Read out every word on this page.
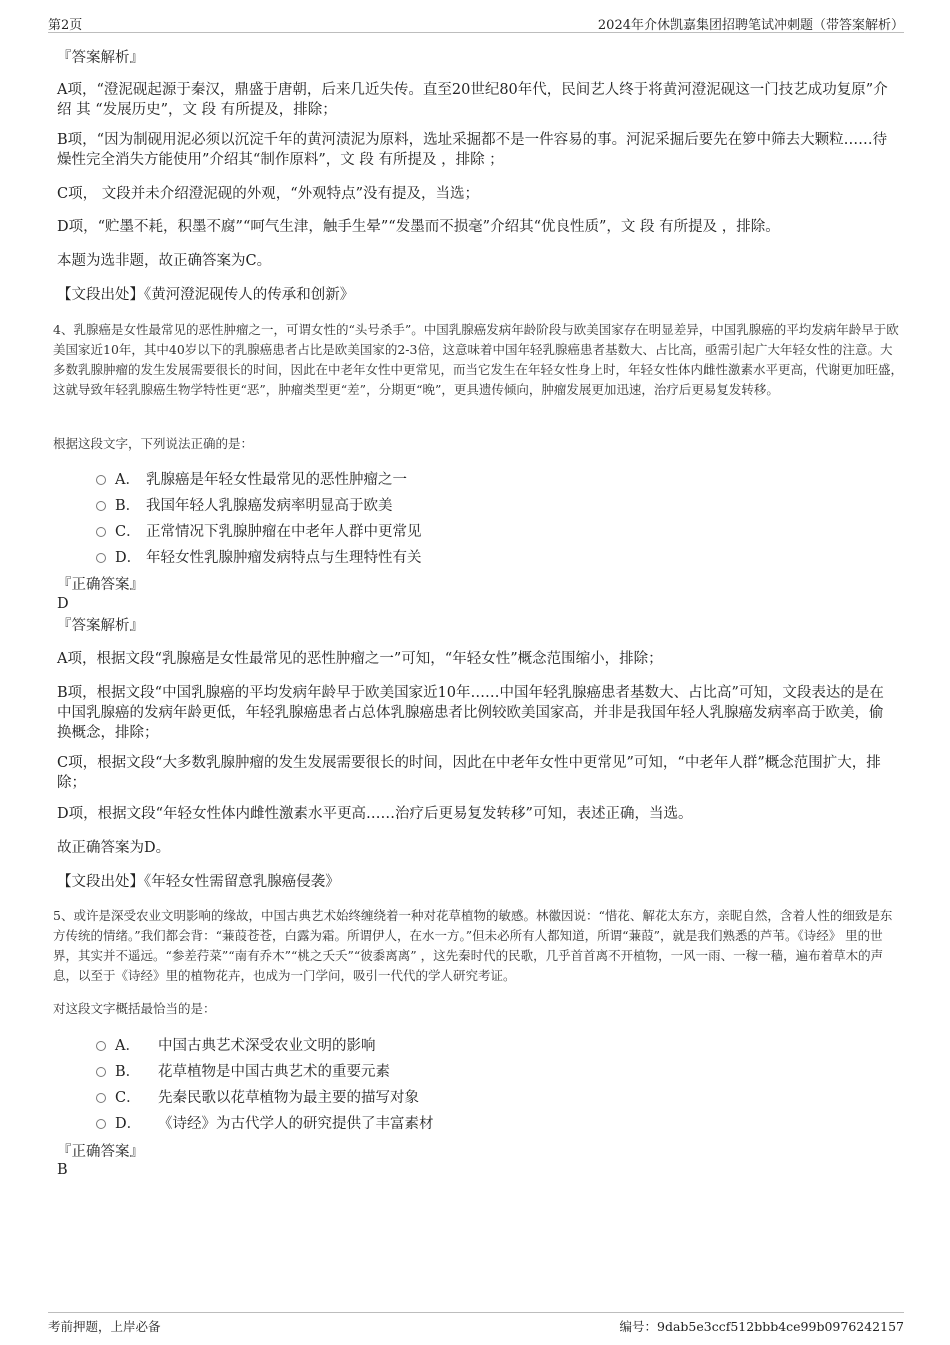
第2页	2024年介休凯嘉集团招聘笔试冲刺题（带答案解析）

『答案解析』

A项，“澄泥砚起源于秦汉，鼎盛于唐朝，后来几近失传。直至20世纪80年代，民间艺人终于将黄河澄泥砚这一门技艺成功复原”介绍 其 “发展历史”，文 段 有所提及，排除；

B项，“因为制砚用泥必须以沉淀千年的黄河渍泥为原料，选址采掘都不是一件容易的事。河泥采掘后要先在箩中筛去大颗粒……待燥性完全消失方能使用”介绍其“制作原料”，文 段 有所提及 ，排除 ；

C项， 文段并未介绍澄泥砚的外观，“外观特点”没有提及，当选；

D项，“贮墨不耗，积墨不腐”“呵气生津，触手生晕”“发墨而不损毫”介绍其“优良性质”，文 段 有所提及 ，排除。

本题为选非题，故正确答案为C。

【文段出处】《黄河澄泥砚传人的传承和创新》

4、乳腺癌是女性最常见的恶性肿瘤之一，可谓女性的“头号杀手”。中国乳腺癌发病年龄阶段与欧美国家存在明显差异，中国乳腺癌的平均发病年龄早于欧美国家近10年，其中40岁以下的乳腺癌患者占比是欧美国家的2-3倍，这意味着中国年轻乳腺癌患者基数大、占比高，亟需引起广大年轻女性的注意。大多数乳腺肿瘤的发生发展需要很长的时间，因此在中老年女性中更常见，而当它发生在年轻女性身上时，年轻女性体内雌性激素水平更高，代谢更加旺盛，这就导致年轻乳腺癌生物学特性更“恶”，肿瘤类型更“差”，分期更“晚”，更具遗传倾向，肿瘤发展更加迅速，治疗后更易复发转移。

根据这段文字，下列说法正确的是：

A． 乳腺癌是年轻女性最常见的恶性肿瘤之一
B． 我国年轻人乳腺癌发病率明显高于欧美
C． 正常情况下乳腺肿瘤在中老年人群中更常见
D． 年轻女性乳腺肿瘤发病特点与生理特性有关

『正确答案』

D

『答案解析』

A项，根据文段“乳腺癌是女性最常见的恶性肿瘤之一”可知，“年轻女性”概念范围缩小，排除；

B项，根据文段“中国乳腺癌的平均发病年龄早于欧美国家近10年……中国年轻乳腺癌患者基数大、占比高”可知，文段表达的是在中国乳腺癌的发病年龄更低，年轻乳腺癌患者占总体乳腺癌患者比例较欧美国家高，并非是我国年轻人乳腺癌发病率高于欧美，偷换概念，排除；

C项，根据文段“大多数乳腺肿瘤的发生发展需要很长的时间，因此在中老年女性中更常见”可知，“中老年人群”概念范围扩大，排除；

D项，根据文段“年轻女性体内雌性激素水平更高……治疗后更易复发转移”可知，表述正确，当选。

故正确答案为D。

【文段出处】《年轻女性需留意乳腺癌侵袭》

5、或许是深受农业文明影响的缘故，中国古典艺术始终缠绕着一种对花草植物的敏感。林徽因说：“惜花、解花太东方，亲昵自然，含着人性的细致是东方传统的情绪。”我们都会背：“蒹葭苍苍，白露为霜。所谓伊人，在水一方。”但未必所有人都知道，所谓“蒹葭”，就是我们熟悉的芦苇。《诗经》 里的世界，其实并不遥远。“参差荇菜”“南有乔木”“桃之夭夭”“彼黍离离” ，这先秦时代的民歌，几乎首首离不开植物，一风一雨、一稼一穑，遍布着草木的声息，以至于《诗经》里的植物花卉，也成为一门学问，吸引一代代的学人研究考证。

对这段文字概括最恰当的是：

A． 中国古典艺术深受农业文明的影响
B． 花草植物是中国古典艺术的重要元素
C． 先秦民歌以花草植物为最主要的描写对象
D． 《诗经》为古代学人的研究提供了丰富素材

『正确答案』

B

考前押题，上岸必备	编号：9dab5e3ccf512bbb4ce99b0976242157
